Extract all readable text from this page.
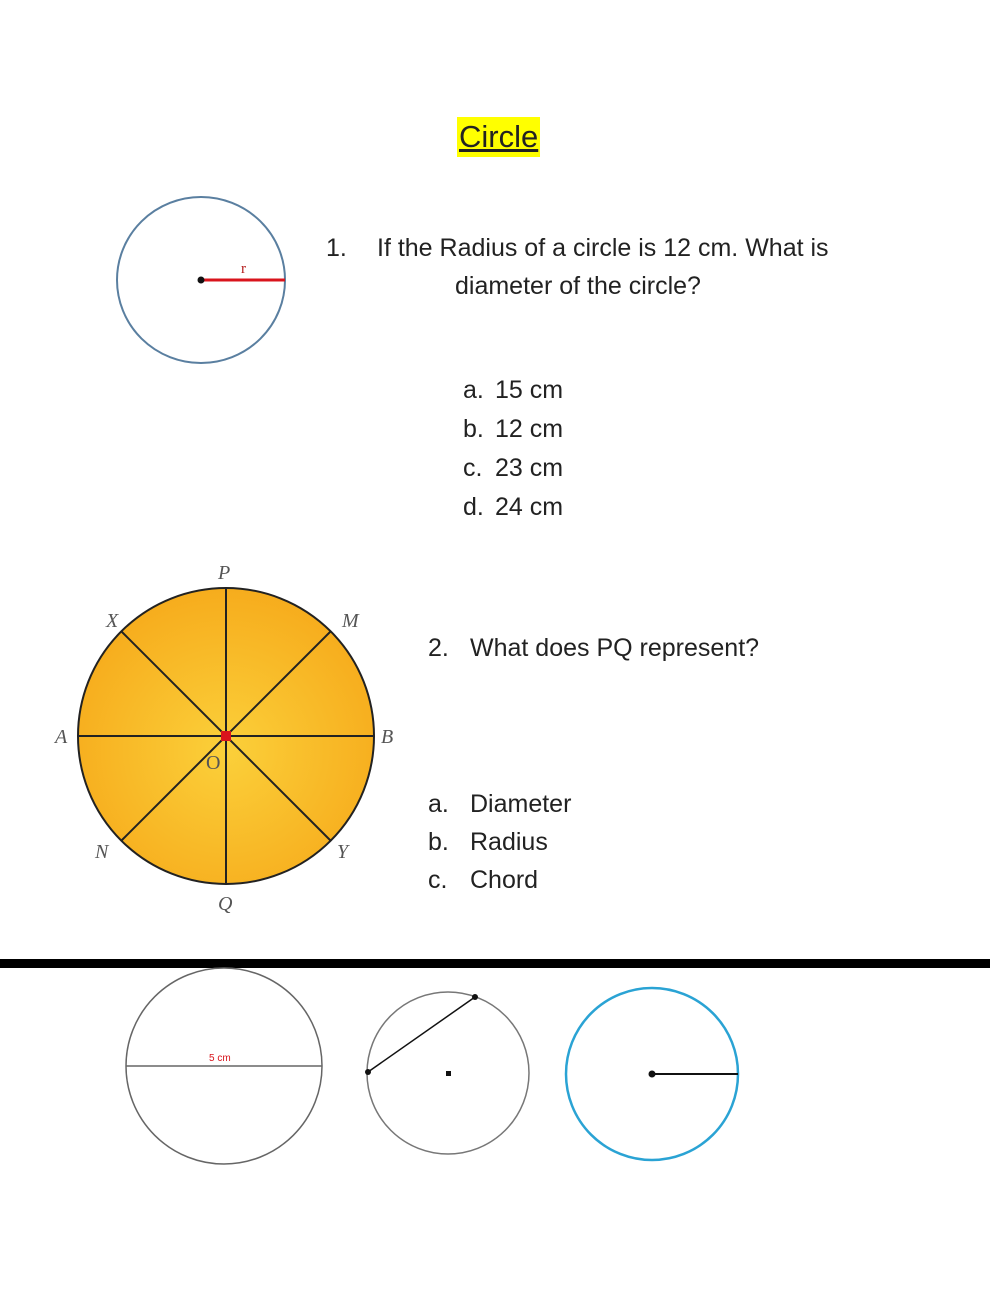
Circle
1. If the Radius of a circle is 12 cm. What is
diameter of the circle?
a. 15 cm
b. 12 cm
c. 23 cm
d. 24 cm
2. What does PQ represent?
a. Diameter
b. Radius
c. Chord
r
P
Q
A	B
X	M
N	Y
O
5 cm
